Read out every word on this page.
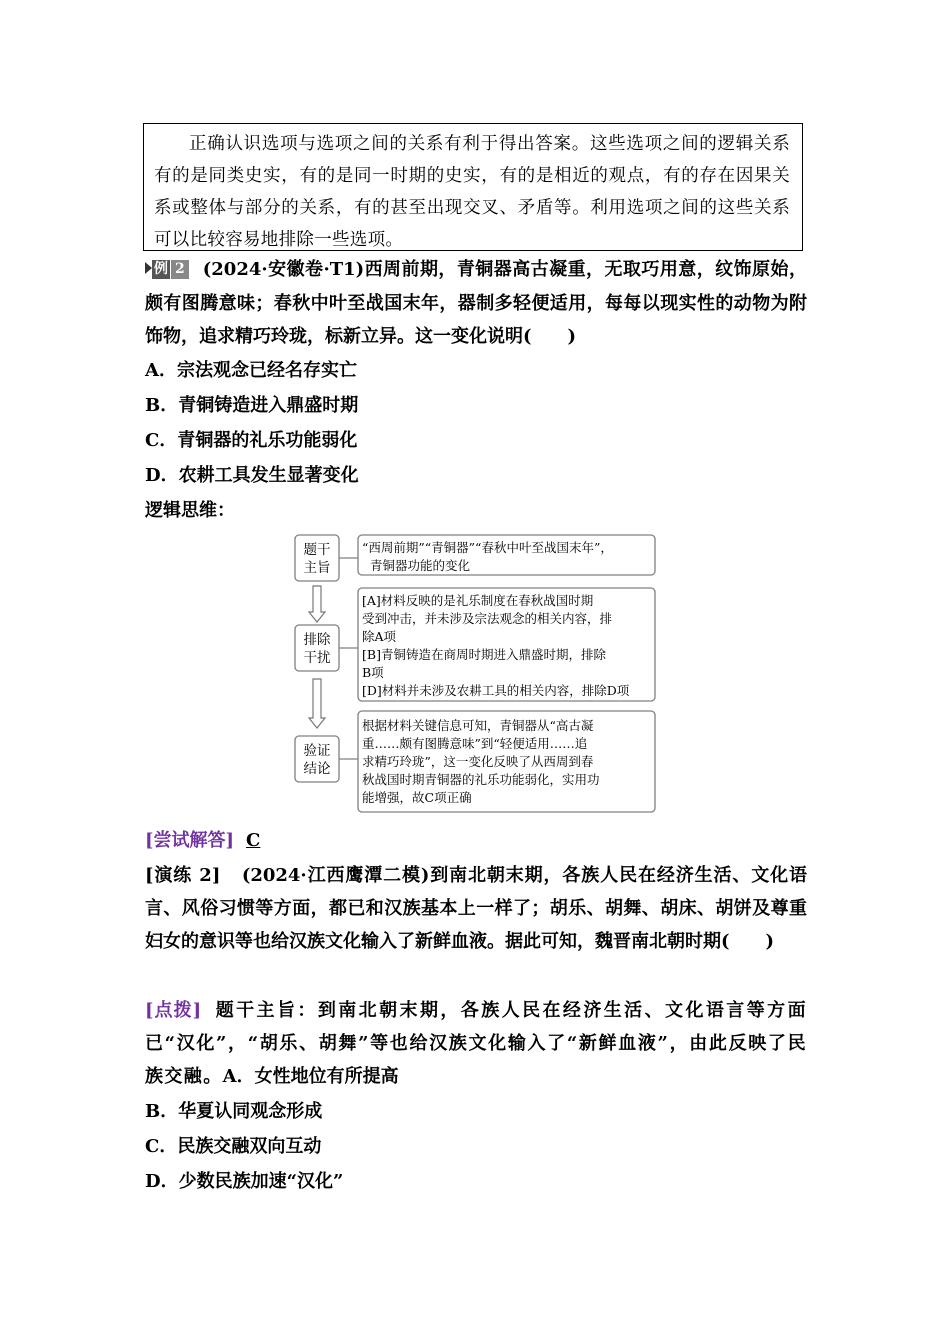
正确认识选项与选项之间的关系有利于得出答案。这些选项之间的逻辑关系有的是同类史实，有的是同一时期的史实，有的是相近的观点，有的存在因果关系或整体与部分的关系，有的甚至出现交叉、矛盾等。利用选项之间的这些关系可以比较容易地排除一些选项。
例 2 (2024·安徽卷·T1)西周前期，青铜器高古凝重，无取巧用意，纹饰原始，颇有图腾意味；春秋中叶至战国末年，器制多轻便适用，每每以现实性的动物为附饰物，追求精巧玲珑，标新立异。这一变化说明(　　)
A．宗法观念已经名存实亡
B．青铜铸造进入鼎盛时期
C．青铜器的礼乐功能弱化
D．农耕工具发生显著变化
逻辑思维：
题干
主旨
排除
干扰
验证
结论
“西周前期”“青铜器”“春秋中叶至战国末年”，
青铜器功能的变化
[A]材料反映的是礼乐制度在春秋战国时期
受到冲击，并未涉及宗法观念的相关内容，排
除A项
[B]青铜铸造在商周时期进入鼎盛时期，排除
B项
[D]材料并未涉及农耕工具的相关内容，排除D项
根据材料关键信息可知，青铜器从“高古凝
重……颇有图腾意味”到“轻便适用……追
求精巧玲珑”，这一变化反映了从西周到春
秋战国时期青铜器的礼乐功能弱化，实用功
能增强，故C项正确
[尝试解答] C
[演练 2] (2024·江西鹰潭二模)到南北朝末期，各族人民在经济生活、文化语言、风俗习惯等方面，都已和汉族基本上一样了；胡乐、胡舞、胡床、胡饼及尊重妇女的意识等也给汉族文化输入了新鲜血液。据此可知，魏晋南北朝时期(　　)
[点拨] 题干主旨：到南北朝末期，各族人民在经济生活、文化语言等方面已“汉化”，“胡乐、胡舞”等也给汉族文化输入了“新鲜血液”，由此反映了民族交融。A．女性地位有所提高
B．华夏认同观念形成
C．民族交融双向互动
D．少数民族加速“汉化”
